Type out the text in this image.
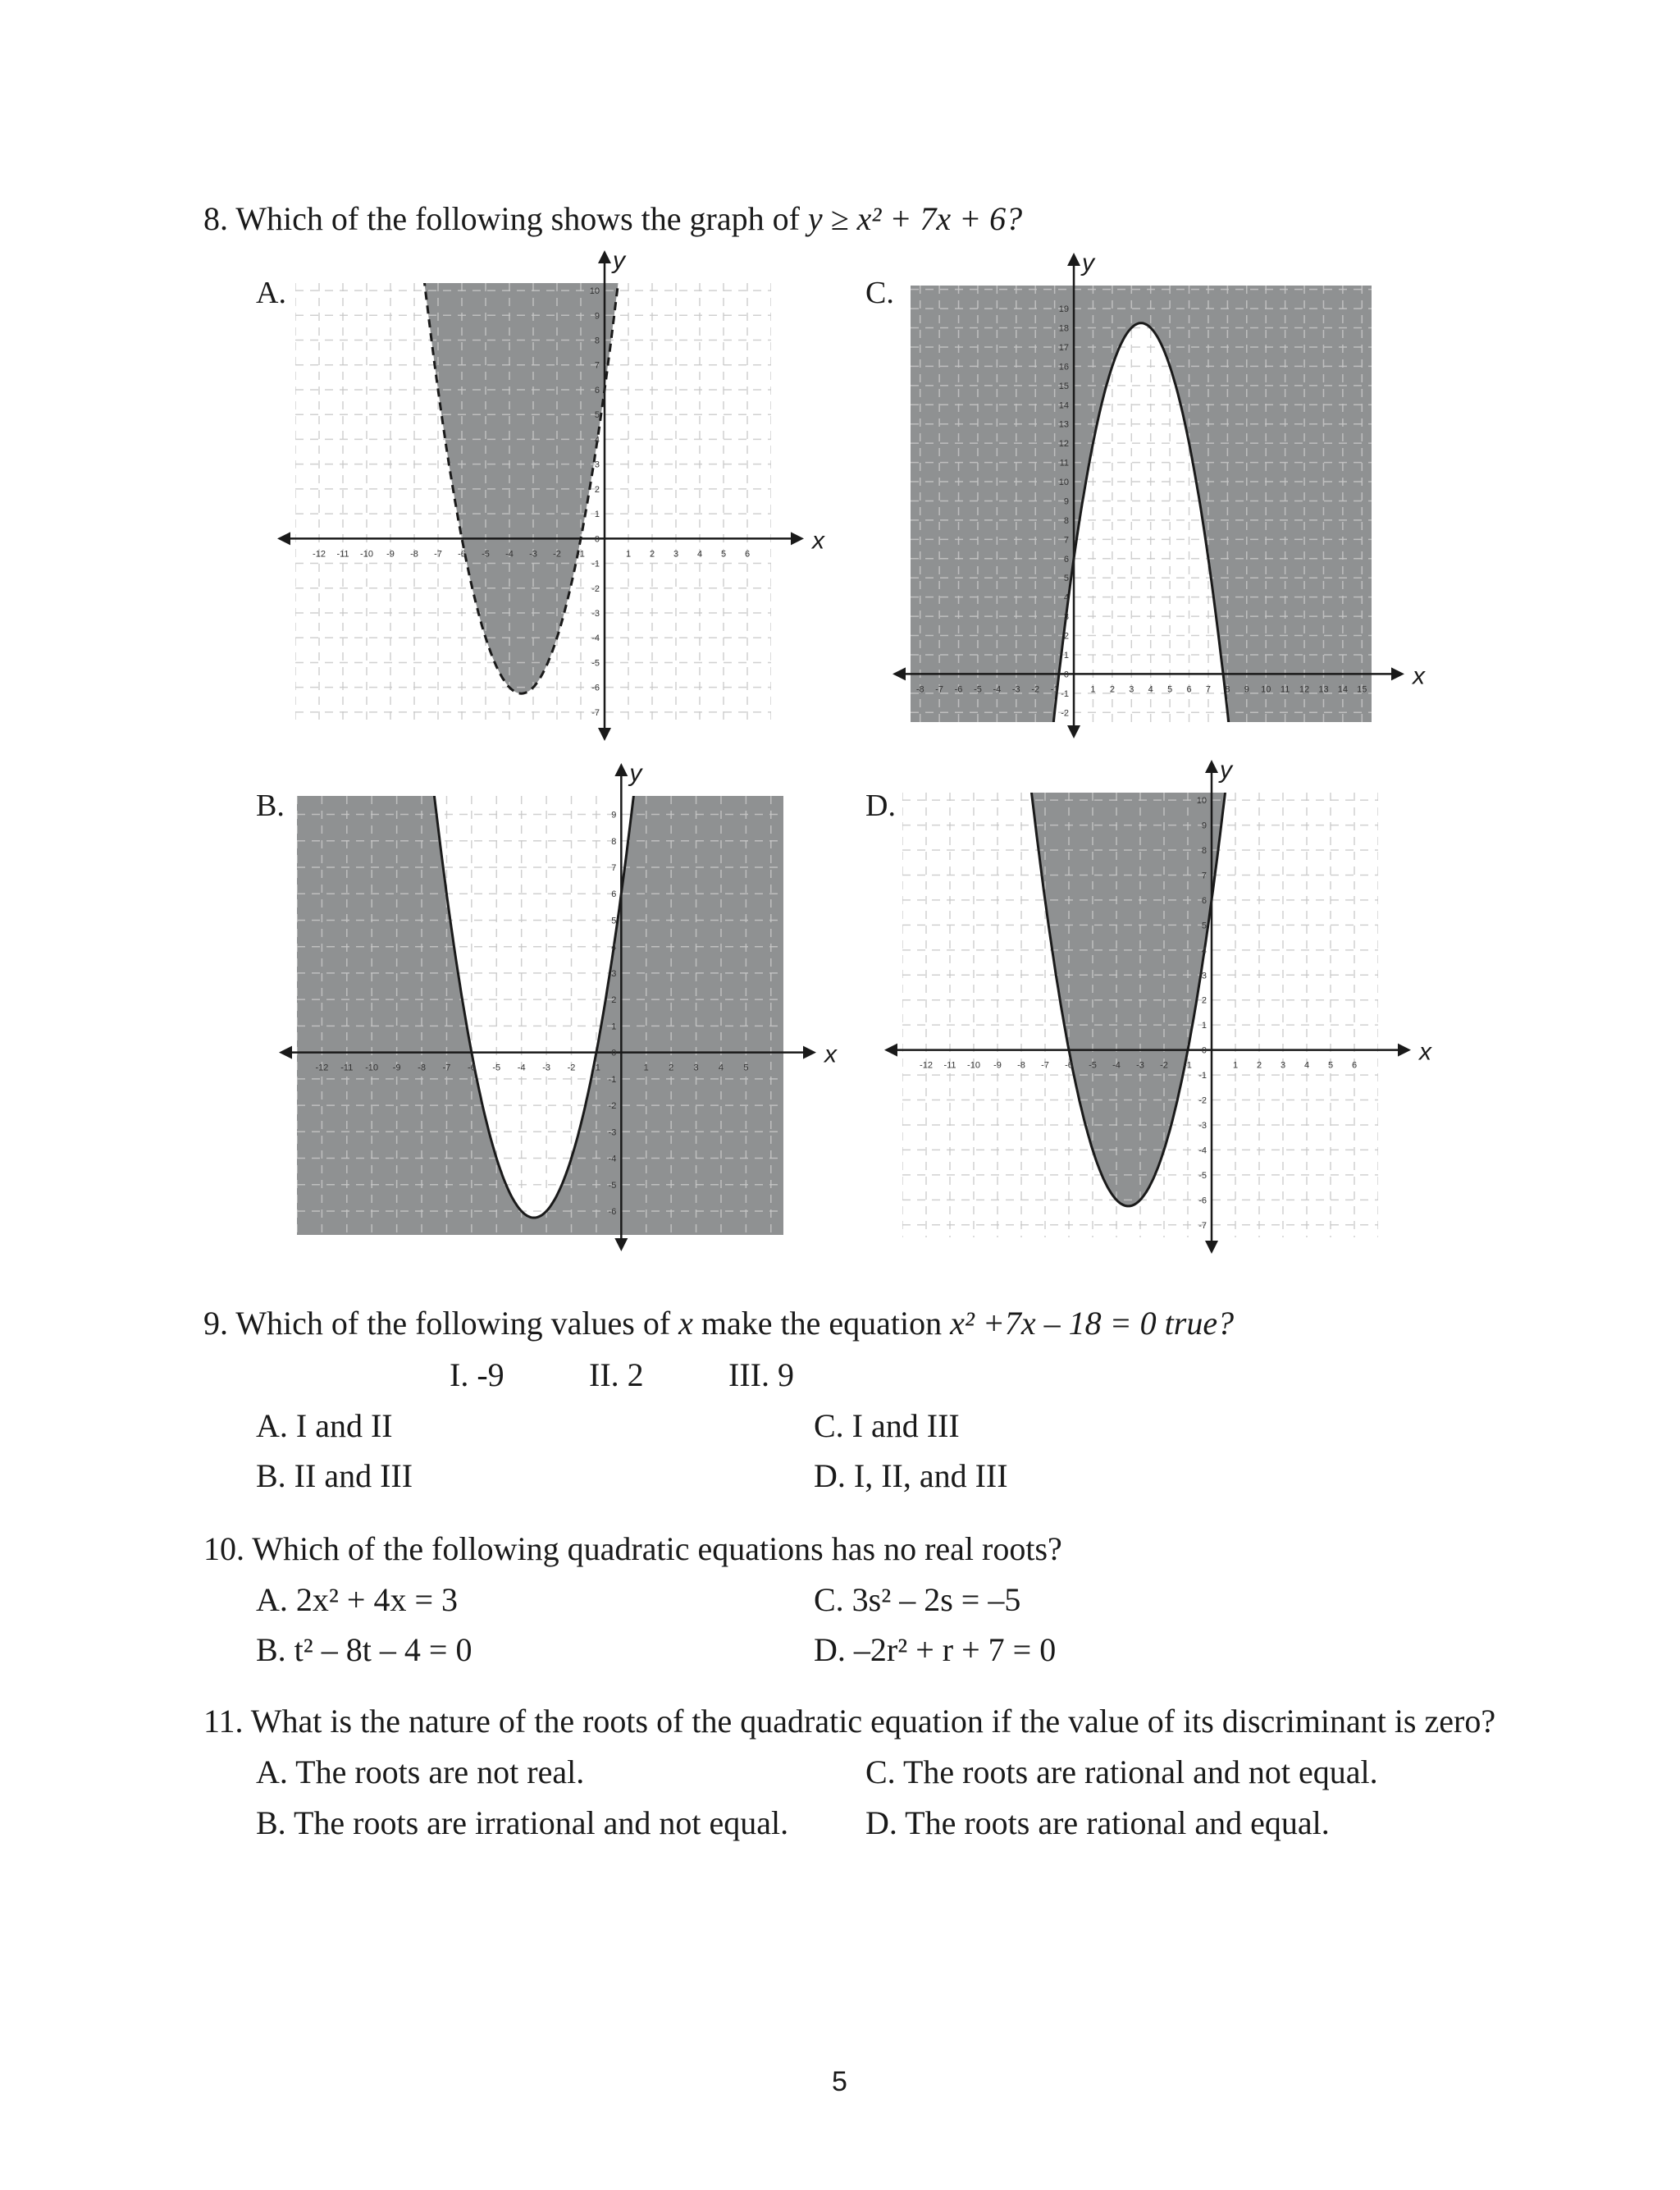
8. Which of the following shows the graph of y ≥ x² + 7x + 6?
A.
B.
C.
D.
x
y
-12 -11 -10 -9 -8 -7 -6 -5 -4 -3 -2 -1	1 2 3 4 5 6
10
9
8
7
6
5
4
3
2
1
0
-1
-2
-3
-4
-5
-6
-7
x
y
-12 -11 -10 -9 -8 -7 -6 -5 -4 -3 -2 -1	1 2 3 4 5
9
8
7
6
5
4
3
2
1
0
-1
-2
-3
-4
-5
-6
x
y
-8 -7 -6 -5 -4 -3 -2 -1	1 2 3 4 5 6 7 8 9 10 11 12 13 14 15
19
18
17
16
15
14
13
12
11
10
9
8
7
6
5
4
3
2
1
0
-1
-2
x
y
-12 -11 -10 -9 -8 -7 -6 -5 -4 -3 -2 -1	1 2 3 4 5 6
10
9
8
7
6
5
4
3
2
1
0
-1
-2
-3
-4
-5
-6
-7
9. Which of the following values of x make the equation x² +7x – 18 = 0 true?
I. -9	II. 2	III. 9
A. I and II
B. II and III
C. I and III
D. I, II, and III
10. Which of the following quadratic equations has no real roots?
A. 2x² + 4x = 3
B. t² – 8t – 4 = 0
C. 3s² – 2s = –5
D. –2r² + r + 7 = 0
11. What is the nature of the roots of the quadratic equation if the value of its discriminant is zero?
A. The roots are not real.
B. The roots are irrational and not equal.
C. The roots are rational and not equal.
D. The roots are rational and equal.
5
